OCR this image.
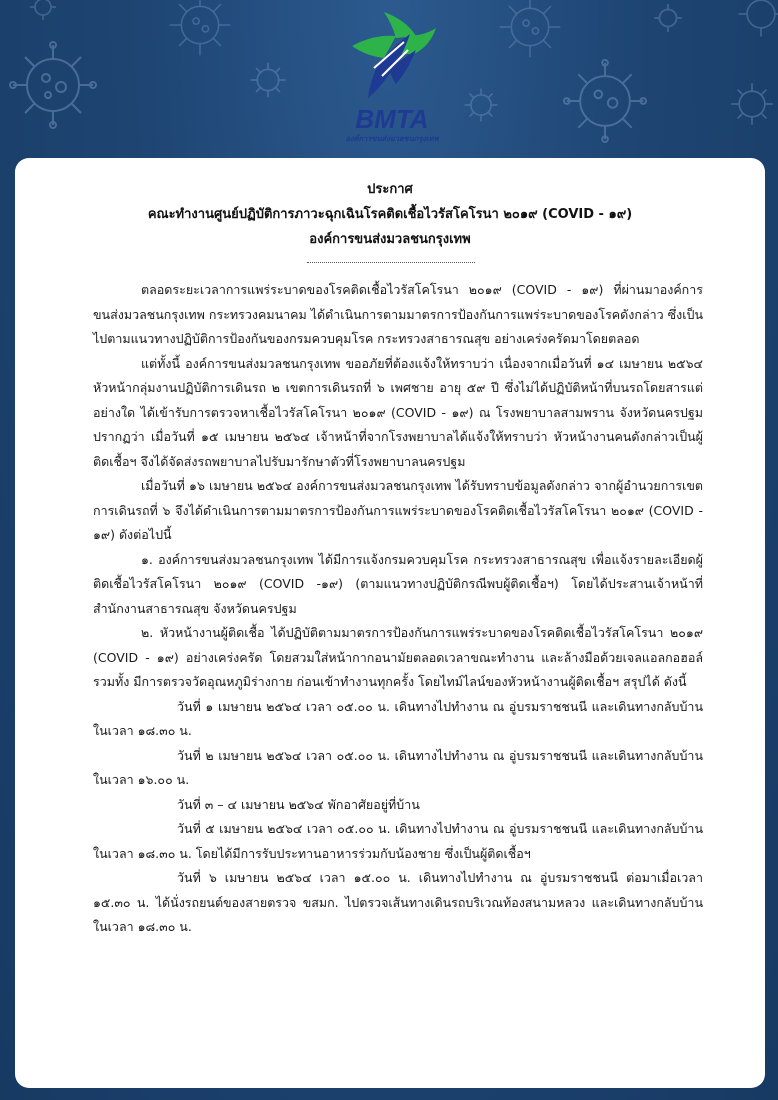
BMTA
องค์การขนส่งมวลชนกรุงเทพ
ประกาศ
คณะทำงานศูนย์ปฏิบัติการภาวะฉุกเฉินโรคติดเชื้อไวรัสโคโรนา ๒๐๑๙ (COVID - ๑๙)
องค์การขนส่งมวลชนกรุงเทพ

ตลอดระยะเวลาการแพร่ระบาดของโรคติดเชื้อไวรัสโคโรนา ๒๐๑๙ (COVID - ๑๙) ที่ผ่านมาองค์การขนส่งมวลชนกรุงเทพ กระทรวงคมนาคม ได้ดำเนินการตามมาตรการป้องกันการแพร่ระบาดของโรคดังกล่าว ซึ่งเป็นไปตามแนวทางปฏิบัติการป้องกันของกรมควบคุมโรค กระทรวงสาธารณสุข อย่างเคร่งครัดมาโดยตลอด

แต่ทั้งนี้ องค์การขนส่งมวลชนกรุงเทพ ขออภัยที่ต้องแจ้งให้ทราบว่า เนื่องจากเมื่อวันที่ ๑๔ เมษายน ๒๕๖๔ หัวหน้ากลุ่มงานปฏิบัติการเดินรถ ๒ เขตการเดินรถที่ ๖ เพศชาย อายุ ๕๙ ปี ซึ่งไม่ได้ปฏิบัติหน้าที่บนรถโดยสารแต่อย่างใด ได้เข้ารับการตรวจหาเชื้อไวรัสโคโรนา ๒๐๑๙ (COVID - ๑๙) ณ โรงพยาบาลสามพราน จังหวัดนครปฐม ปรากฏว่า เมื่อวันที่ ๑๕ เมษายน ๒๕๖๔ เจ้าหน้าที่จากโรงพยาบาลได้แจ้งให้ทราบว่า หัวหน้างานคนดังกล่าวเป็นผู้ติดเชื้อฯ จึงได้จัดส่งรถพยาบาลไปรับมารักษาตัวที่โรงพยาบาลนครปฐม

เมื่อวันที่ ๑๖ เมษายน ๒๕๖๔ องค์การขนส่งมวลชนกรุงเทพ ได้รับทราบข้อมูลดังกล่าว จากผู้อำนวยการเขตการเดินรถที่ ๖ จึงได้ดำเนินการตามมาตรการป้องกันการแพร่ระบาดของโรคติดเชื้อไวรัสโคโรนา ๒๐๑๙ (COVID - ๑๙) ดังต่อไปนี้

๑. องค์การขนส่งมวลชนกรุงเทพ ได้มีการแจ้งกรมควบคุมโรค กระทรวงสาธารณสุข เพื่อแจ้งรายละเอียดผู้ติดเชื้อไวรัสโคโรนา ๒๐๑๙ (COVID -๑๙) (ตามแนวทางปฏิบัติกรณีพบผู้ติดเชื้อฯ) โดยได้ประสานเจ้าหน้าที่สำนักงานสาธารณสุข จังหวัดนครปฐม

๒. หัวหน้างานผู้ติดเชื้อ ได้ปฏิบัติตามมาตรการป้องกันการแพร่ระบาดของโรคติดเชื้อไวรัสโคโรนา ๒๐๑๙ (COVID - ๑๙) อย่างเคร่งครัด โดยสวมใส่หน้ากากอนามัยตลอดเวลาขณะทำงาน และล้างมือด้วยเจลแอลกอฮอล์ รวมทั้ง มีการตรวจวัดอุณหภูมิร่างกาย ก่อนเข้าทำงานทุกครั้ง โดยไทม์ไลน์ของหัวหน้างานผู้ติดเชื้อฯ สรุปได้ ดังนี้

วันที่ ๑ เมษายน ๒๕๖๔ เวลา ๐๕.๐๐ น. เดินทางไปทำงาน ณ อู่บรมราชชนนี และเดินทางกลับบ้าน ในเวลา ๑๘.๓๐ น.

วันที่ ๒ เมษายน ๒๕๖๔ เวลา ๐๕.๐๐ น. เดินทางไปทำงาน ณ อู่บรมราชชนนี และเดินทางกลับบ้าน ในเวลา ๑๖.๐๐ น.

วันที่ ๓ – ๔ เมษายน ๒๕๖๔ พักอาศัยอยู่ที่บ้าน

วันที่ ๕ เมษายน ๒๕๖๔ เวลา ๐๕.๐๐ น. เดินทางไปทำงาน ณ อู่บรมราชชนนี และเดินทางกลับบ้าน ในเวลา ๑๘.๓๐ น. โดยได้มีการรับประทานอาหารร่วมกับน้องชาย ซึ่งเป็นผู้ติดเชื้อฯ

วันที่ ๖ เมษายน ๒๕๖๔ เวลา ๑๕.๐๐ น. เดินทางไปทำงาน ณ อู่บรมราชชนนี ต่อมาเมื่อเวลา ๑๕.๓๐ น. ได้นั่งรถยนต์ของสายตรวจ ขสมก. ไปตรวจเส้นทางเดินรถบริเวณท้องสนามหลวง และเดินทางกลับบ้าน ในเวลา ๑๘.๓๐ น.
